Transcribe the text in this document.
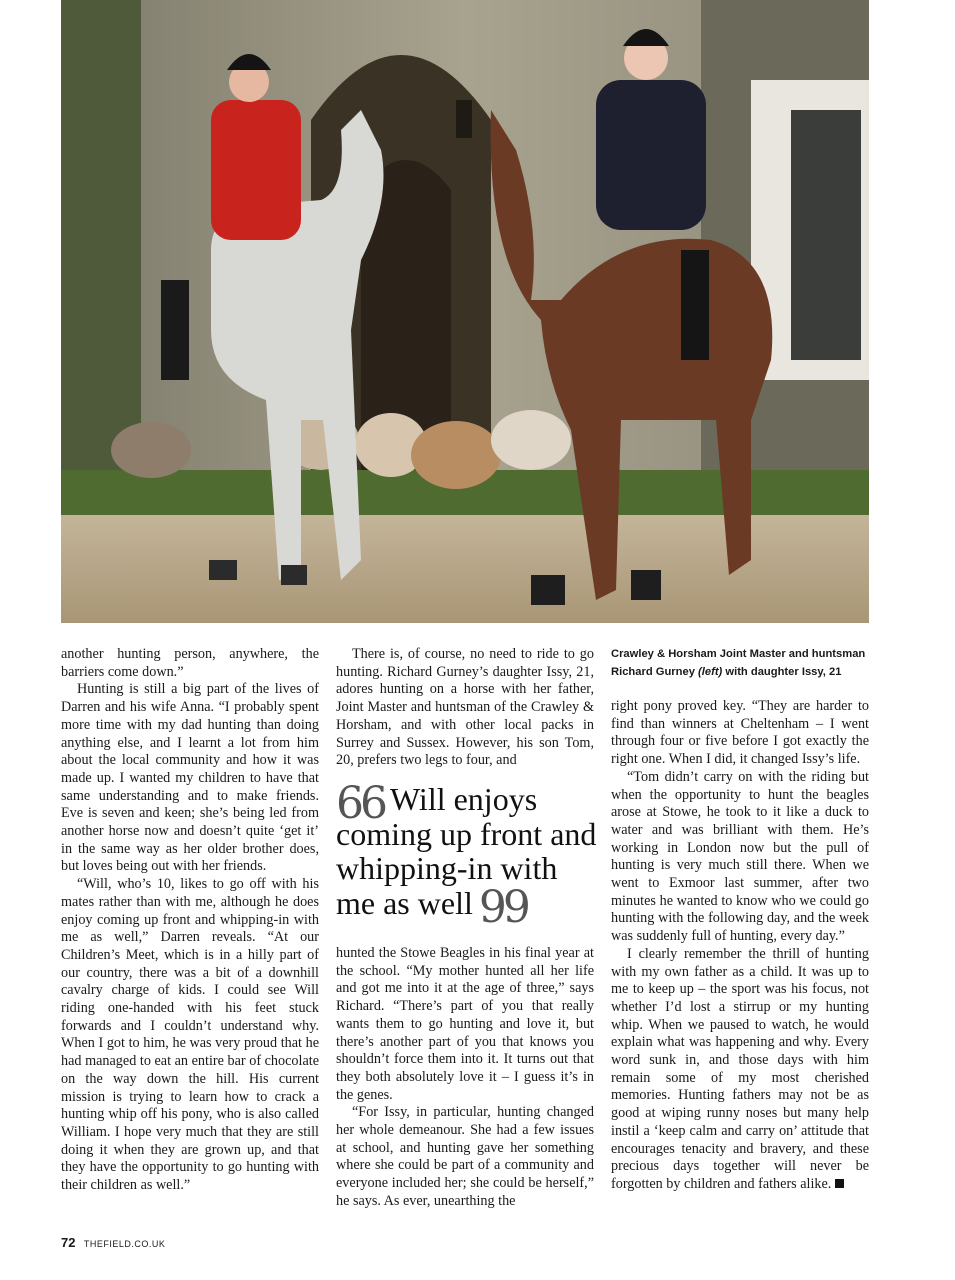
another hunting person, anywhere, the barriers come down.”

Hunting is still a big part of the lives of Darren and his wife Anna. “I probably spent more time with my dad hunting than doing anything else, and I learnt a lot from him about the local community and how it was made up. I wanted my children to have that same understanding and to make friends. Eve is seven and keen; she’s being led from another horse now and doesn’t quite ‘get it’ in the same way as her older brother does, but loves being out with her friends.

“Will, who’s 10, likes to go off with his mates rather than with me, although he does enjoy coming up front and whipping-in with me as well,” Darren reveals. “At our Children’s Meet, which is in a hilly part of our country, there was a bit of a downhill cavalry charge of kids. I could see Will riding one-handed with his feet stuck forwards and I couldn’t understand why. When I got to him, he was very proud that he had managed to eat an entire bar of chocolate on the way down the hill. His current mission is trying to learn how to crack a hunting whip off his pony, who is also called William. I hope very much that they are still doing it when they are grown up, and that they have the opportunity to go hunting with their children as well.”

There is, of course, no need to ride to go hunting. Richard Gurney’s daughter Issy, 21, adores hunting on a horse with her father, Joint Master and huntsman of the Crawley & Horsham, and with other local packs in Surrey and Sussex. However, his son Tom, 20, prefers two legs to four, and

66 Will enjoys coming up front and whipping-in with me as well 99

hunted the Stowe Beagles in his final year at the school. “My mother hunted all her life and got me into it at the age of three,” says Richard. “There’s part of you that really wants them to go hunting and love it, but there’s another part of you that knows you shouldn’t force them into it. It turns out that they both absolutely love it – I guess it’s in the genes.

“For Issy, in particular, hunting changed her whole demeanour. She had a few issues at school, and hunting gave her something where she could be part of a community and everyone included her; she could be herself,” he says. As ever, unearthing the

Crawley & Horsham Joint Master and huntsman
Richard Gurney (left) with daughter Issy, 21

right pony proved key. “They are harder to find than winners at Cheltenham – I went through four or five before I got exactly the right one. When I did, it changed Issy’s life.

“Tom didn’t carry on with the riding but when the opportunity to hunt the beagles arose at Stowe, he took to it like a duck to water and was brilliant with them. He’s working in London now but the pull of hunting is very much still there. When we went to Exmoor last summer, after two minutes he wanted to know who we could go hunting with the following day, and the week was suddenly full of hunting, every day.”

I clearly remember the thrill of hunting with my own father as a child. It was up to me to keep up – the sport was his focus, not whether I’d lost a stirrup or my hunting whip. When we paused to watch, he would explain what was happening and why. Every word sunk in, and those days with him remain some of my most cherished memories. Hunting fathers may not be as good at wiping runny noses but many help instil a ‘keep calm and carry on’ attitude that encourages tenacity and bravery, and these precious days together will never be forgotten by children and fathers alike.

72 THEFIELD.CO.UK
